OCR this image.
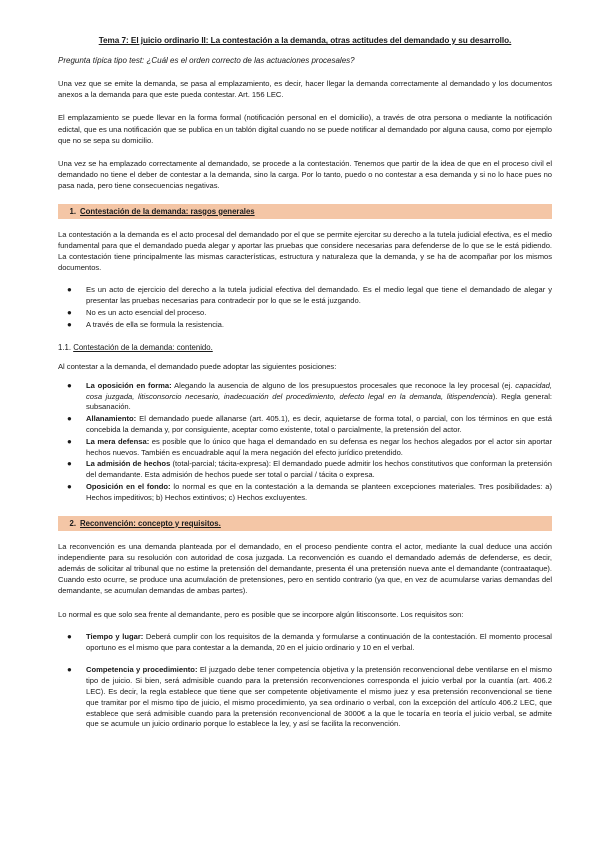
Tema 7: El juicio ordinario II: La contestación a la demanda, otras actitudes del demandado y su desarrollo.
Pregunta típica tipo test: ¿Cuál es el orden correcto de las actuaciones procesales?

Una vez que se emite la demanda, se pasa al emplazamiento, es decir, hacer llegar la demanda correctamente al demandado y los documentos anexos a la demanda para que este pueda contestar. Art. 156 LEC.

El emplazamiento se puede llevar en la forma formal (notificación personal en el domicilio), a través de otra persona o mediante la notificación edictal, que es una notificación que se publica en un tablón digital cuando no se puede notificar al demandado por alguna causa, como por ejemplo que no se sepa su domicilio.

Una vez se ha emplazado correctamente al demandado, se procede a la contestación. Tenemos que partir de la idea de que en el proceso civil el demandado no tiene el deber de contestar a la demanda, sino la carga. Por lo tanto, puedo o no contestar a esa demanda y si no lo hace pues no pasa nada, pero tiene consecuencias negativas.

1. Contestación de la demanda: rasgos generales

La contestación a la demanda es el acto procesal del demandado por el que se permite ejercitar su derecho a la tutela judicial efectiva, es el medio fundamental para que el demandado pueda alegar y aportar las pruebas que considere necesarias para defenderse de lo que se le está pidiendo. La contestación tiene principalmente las mismas características, estructura y naturaleza que la demanda, y se ha de acompañar por los mismos documentos.

● Es un acto de ejercicio del derecho a la tutela judicial efectiva del demandado. Es el medio legal que tiene el demandado de alegar y presentar las pruebas necesarias para contradecir por lo que se le está juzgando.
● No es un acto esencial del proceso.
● A través de ella se formula la resistencia.
1.1. Contestación de la demanda: contenido.

Al contestar a la demanda, el demandado puede adoptar las siguientes posiciones:

● La oposición en forma: Alegando la ausencia de alguno de los presupuestos procesales que reconoce la ley procesal (ej. capacidad, cosa juzgada, litisconsorcio necesario, inadecuación del procedimiento, defecto legal en la demanda, litispendencia). Regla general: subsanación.
● Allanamiento: El demandado puede allanarse (art. 405.1), es decir, aquietarse de forma total, o parcial, con los términos en que está concebida la demanda y, por consiguiente, aceptar como existente, total o parcialmente, la pretensión del actor.
● La mera defensa: es posible que lo único que haga el demandado en su defensa es negar los hechos alegados por el actor sin aportar hechos nuevos. También es encuadrable aquí la mera negación del efecto jurídico pretendido.
● La admisión de hechos (total-parcial; tácita-expresa): El demandado puede admitir los hechos constitutivos que conforman la pretensión del demandante. Esta admisión de hechos puede ser total o parcial / tácita o expresa.
● Oposición en el fondo: lo normal es que en la contestación a la demanda se planteen excepciones materiales. Tres posibilidades: a) Hechos impeditivos; b) Hechos extintivos; c) Hechos excluyentes.
2. Reconvención: concepto y requisitos.

La reconvención es una demanda planteada por el demandado, en el proceso pendiente contra el actor, mediante la cual deduce una acción independiente para su resolución con autoridad de cosa juzgada. La reconvención es cuando el demandado además de defenderse, es decir, además de solicitar al tribunal que no estime la pretensión del demandante, presenta él una pretensión nueva ante el demandante (contraataque). Cuando esto ocurre, se produce una acumulación de pretensiones, pero en sentido contrario (ya que, en vez de acumularse varias demandas del demandante, se acumulan demandas de ambas partes).

Lo normal es que solo sea frente al demandante, pero es posible que se incorpore algún litisconsorte. Los requisitos son:

● Tiempo y lugar: Deberá cumplir con los requisitos de la demanda y formularse a continuación de la contestación. El momento procesal oportuno es el mismo que para contestar a la demanda, 20 en el juicio ordinario y 10 en el verbal.
● Competencia y procedimiento: El juzgado debe tener competencia objetiva y la pretensión reconvencional debe ventilarse en el mismo tipo de juicio. Si bien, será admisible cuando para la pretensión reconvenciones corresponda el juicio verbal por la cuantía (art. 406.2 LEC). Es decir, la regla establece que tiene que ser competente objetivamente el mismo juez y esa pretensión reconvencional se tiene que tramitar por el mismo tipo de juicio, el mismo procedimiento, ya sea ordinario o verbal, con la excepción del artículo 406.2 LEC, que establece que será admisible cuando para la pretensión reconvencional de 3000€ a la que le tocaría en teoría el juicio verbal, se admite que se acumule un juicio ordinario porque lo establece la ley, y así se facilita la reconvención.
